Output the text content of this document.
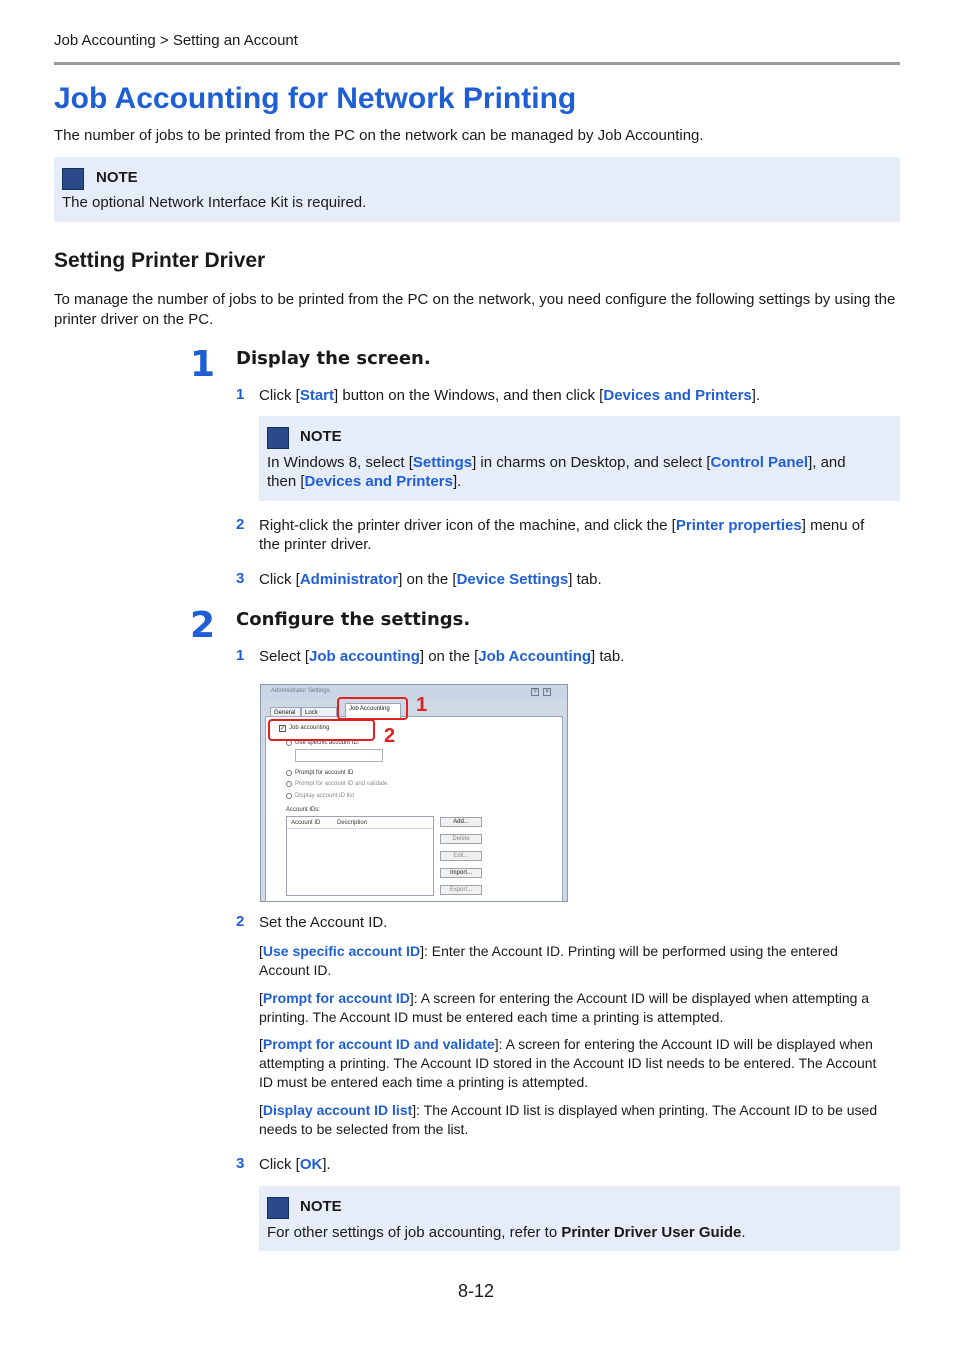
Job Accounting > Setting an Account
Job Accounting for Network Printing
The number of jobs to be printed from the PC on the network can be managed by Job Accounting.
NOTE
The optional Network Interface Kit is required.
Setting Printer Driver
To manage the number of jobs to be printed from the PC on the network, you need configure the following settings by using the printer driver on the PC.
1 Display the screen.
1 Click [Start] button on the Windows, and then click [Devices and Printers].
NOTE
In Windows 8, select [Settings] in charms on Desktop, and select [Control Panel], and
then [Devices and Printers].
2 Right-click the printer driver icon of the machine, and click the [Printer properties] menu of
the printer driver.
3 Click [Administrator] on the [Device Settings] tab.
2 Configure the settings.
1 Select [Job accounting] on the [Job Accounting] tab.
Administrator Settings	?	×
General	Lock
Job Accounting
✓ Job accounting
Use specific account ID:
Prompt for account ID
Prompt for account ID and validate
Display account ID list
Account IDs:
Account ID	Description	Add...
Delete
Edit...
Import...
Export...
1
2
2 Set the Account ID.
[Use specific account ID]: Enter the Account ID. Printing will be performed using the entered
Account ID.
[Prompt for account ID]: A screen for entering the Account ID will be displayed when attempting a
printing. The Account ID must be entered each time a printing is attempted.
[Prompt for account ID and validate]: A screen for entering the Account ID will be displayed when
attempting a printing. The Account ID stored in the Account ID list needs to be entered. The Account
ID must be entered each time a printing is attempted.
[Display account ID list]: The Account ID list is displayed when printing. The Account ID to be used
needs to be selected from the list.
3 Click [OK].
NOTE
For other settings of job accounting, refer to Printer Driver User Guide.
8-12
